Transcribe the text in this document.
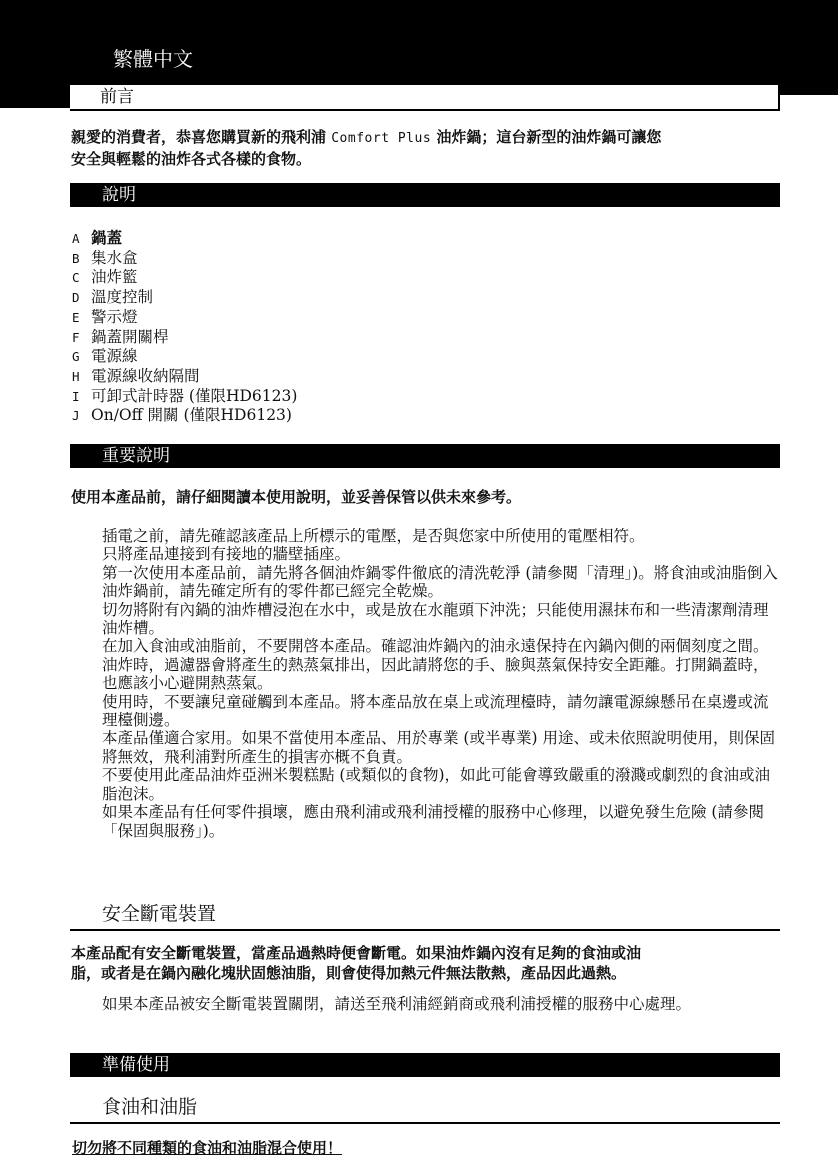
繁體中文
前言
親愛的消費者，恭喜您購買新的飛利浦 Comfort Plus 油炸鍋；這台新型的油炸鍋可讓您
安全與輕鬆的油炸各式各樣的食物。
說明
A 鍋蓋
B 集水盒
C 油炸籃
D 溫度控制
E 警示燈
F 鍋蓋開關桿
G 電源線
H 電源線收納隔間
I 可卸式計時器 (僅限HD6123)
J On/Off 開關 (僅限HD6123)
重要說明
使用本產品前，請仔細閱讀本使用說明，並妥善保管以供未來參考。
插電之前，請先確認該產品上所標示的電壓，是否與您家中所使用的電壓相符。
只將產品連接到有接地的牆壁插座。
第一次使用本產品前，請先將各個油炸鍋零件徹底的清洗乾淨 (請參閱「清理」)。將食油或油脂倒入油炸鍋前，請先確定所有的零件都已經完全乾燥。
切勿將附有內鍋的油炸槽浸泡在水中，或是放在水龍頭下沖洗；只能使用濕抹布和一些清潔劑清理油炸槽。
在加入食油或油脂前，不要開啓本產品。確認油炸鍋內的油永遠保持在內鍋內側的兩個刻度之間。
油炸時，過濾器會將產生的熱蒸氣排出，因此請將您的手、臉與蒸氣保持安全距離。打開鍋蓋時，也應該小心避開熱蒸氣。
使用時，不要讓兒童碰觸到本產品。將本產品放在桌上或流理檯時，請勿讓電源線懸吊在桌邊或流理檯側邊。
本產品僅適合家用。如果不當使用本產品、用於專業 (或半專業) 用途、或未依照說明使用，則保固將無效，飛利浦對所產生的損害亦概不負責。
不要使用此產品油炸亞洲米製糕點 (或類似的食物)，如此可能會導致嚴重的潑濺或劇烈的食油或油脂泡沫。
如果本產品有任何零件損壞，應由飛利浦或飛利浦授權的服務中心修理，以避免發生危險 (請參閱「保固與服務」)。
安全斷電裝置
本產品配有安全斷電裝置，當產品過熱時便會斷電。如果油炸鍋內沒有足夠的食油或油
脂，或者是在鍋內融化塊狀固態油脂，則會使得加熱元件無法散熱，產品因此過熱。

如果本產品被安全斷電裝置關閉，請送至飛利浦經銷商或飛利浦授權的服務中心處理。

準備使用
食油和油脂

切勿將不同種類的食油和油脂混合使用！
